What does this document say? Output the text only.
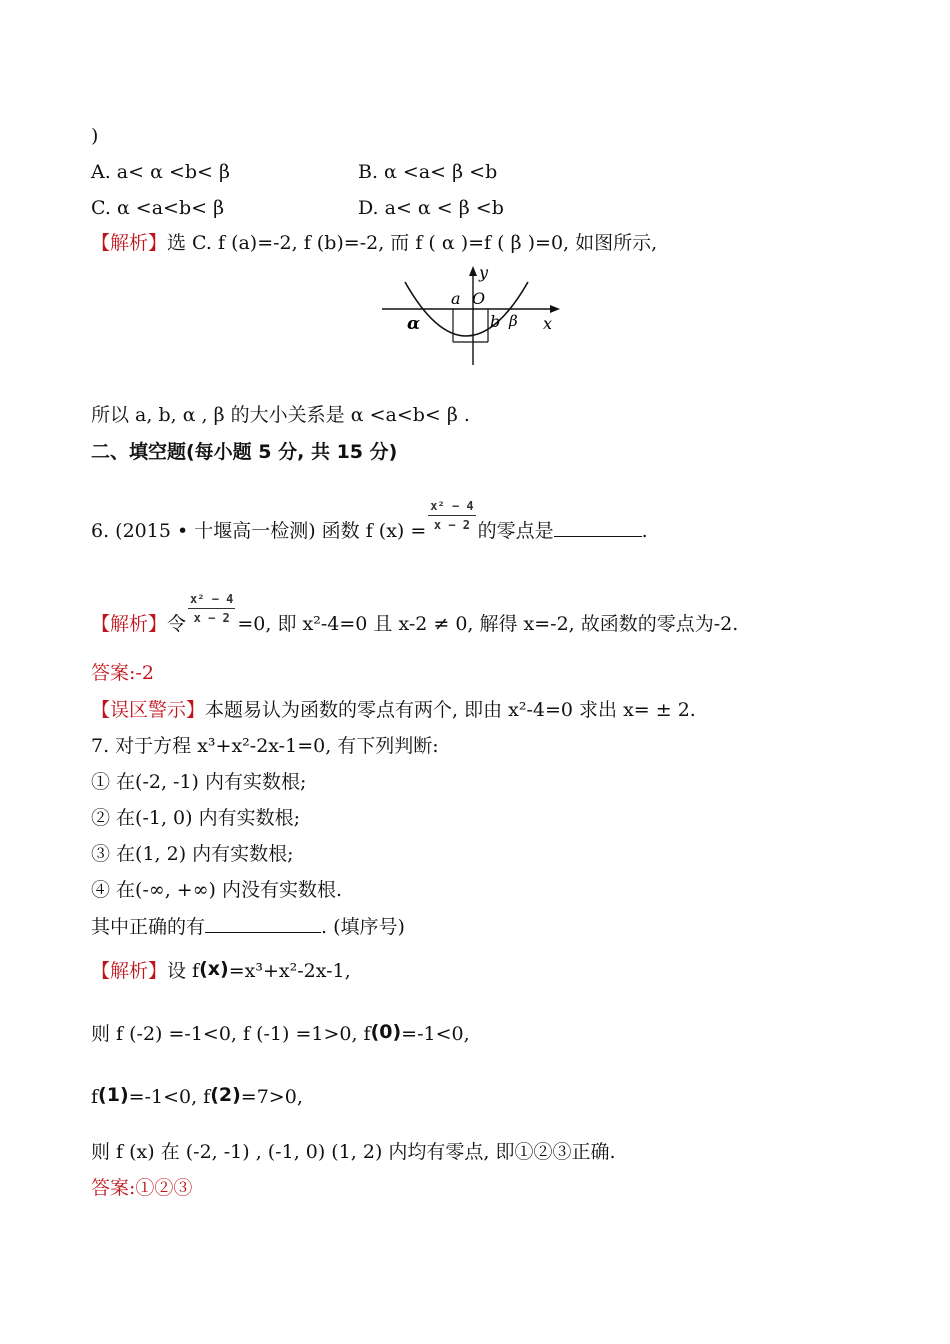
)
A. a< α <b< β	B. α <a< β <b
C. α <a<b< β	D. a< α < β <b
【解析】选 C. f (a)=-2, f (b)=-2, 而 f ( α )=f ( β )=0, 如图所示,
y
a O
α	b β x
所以 a, b, α , β 的大小关系是 α <a<b< β .
二、填空题(每小题 5 分, 共 15 分)
6. (2015 • 十堰高一检测) 函数 f $(x) = \frac{\text{x² − 4}}{x - 2}$ 的零点是	.
【解析】令 $\frac{\text{x² − 4}}{x - 2} =0$, 即 x²-4=0 且 x-2 ≠ 0, 解得 x=-2, 故函数的零点为-2.
答案:-2
【误区警示】本题易认为函数的零点有两个, 即由 x²-4=0 求出 x= ± 2.
7. 对于方程 x³+x²-2x-1=0, 有下列判断:
① 在(-2, -1) 内有实数根;
② 在(-1, 0) 内有实数根;
③ 在(1, 2) 内有实数根;
④ 在(-∞, +∞) 内没有实数根.
其中正确的有	. (填序号)
【解析】设 f(x)=x³+x²-2x-1,
则 f (-2) =-1<0, f (-1) =1>0, f(0)=-1<0,
f(1)=-1<0, f(2)=7>0,
则 f (x) 在 (-2, -1) , (-1, 0) (1, 2) 内均有零点, 即①②③正确.
答案:①②③
